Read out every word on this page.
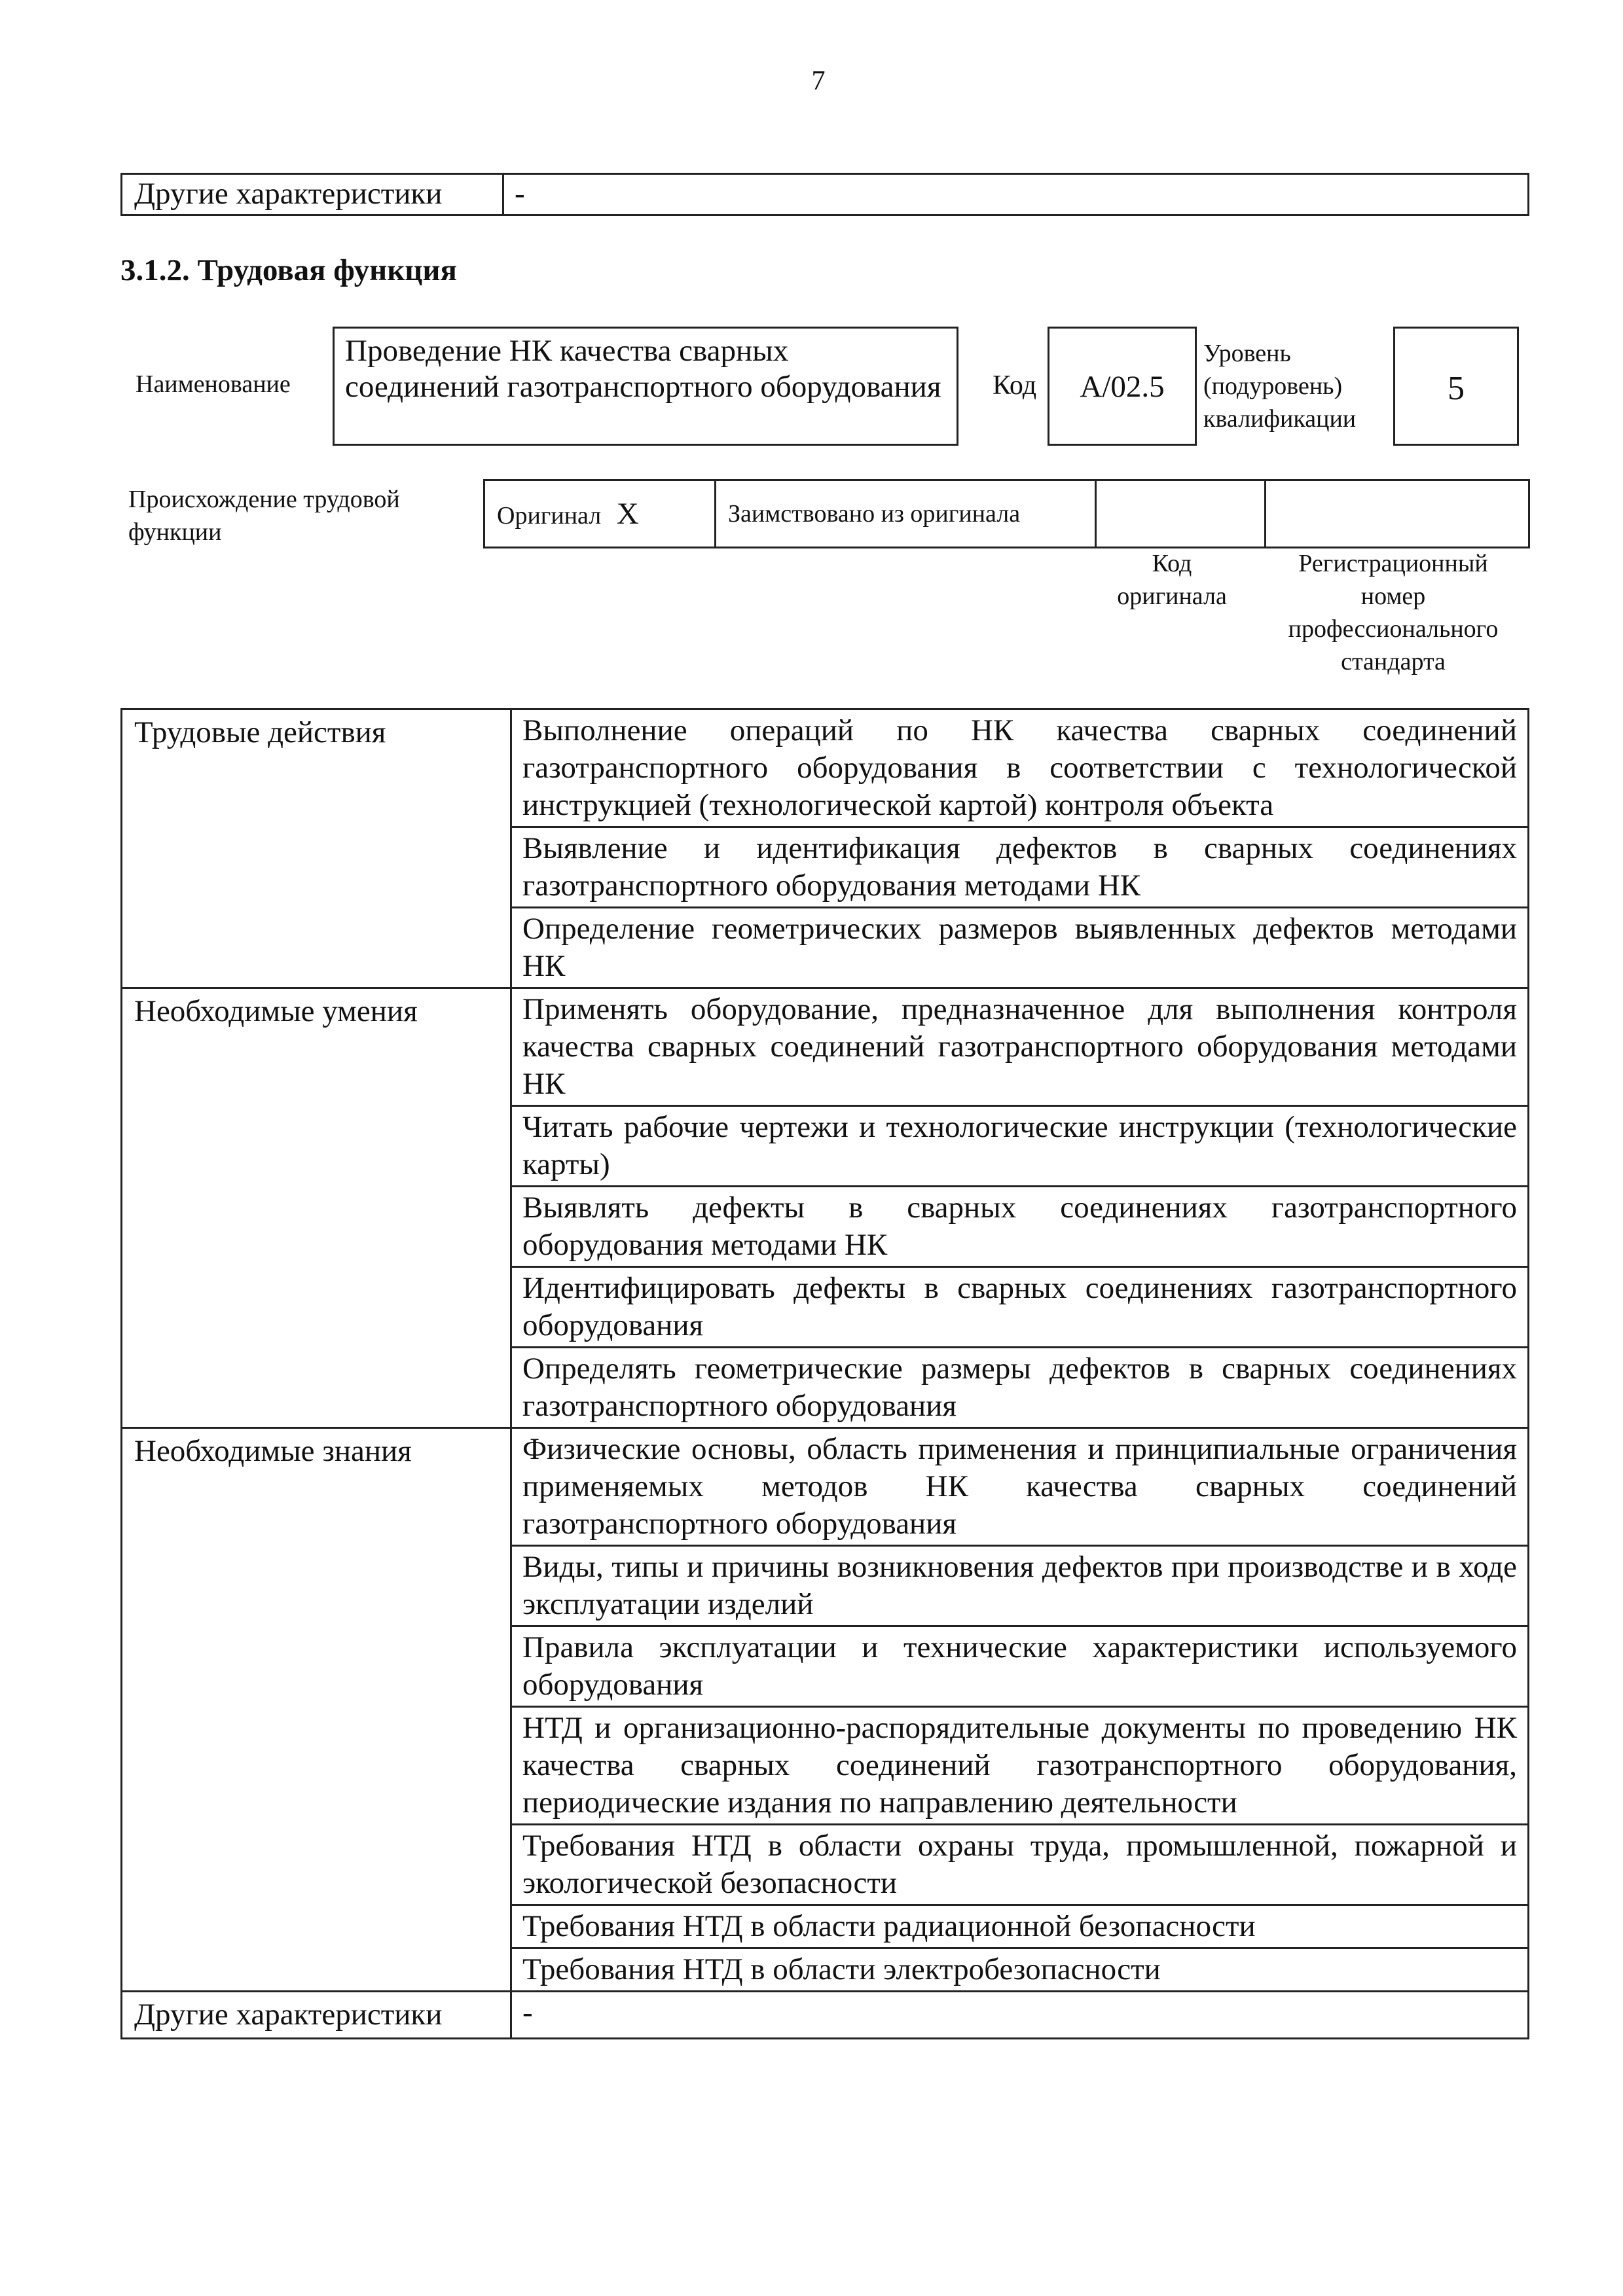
7
Другие характеристики	-
3.1.2. Трудовая функция
Наименование
Проведение НК качества сварных соединений газотранспортного оборудования	Код	А/02.5
Уровень
(подуровень)
квалификации
5
Происхождение трудовой
функции
Оригинал Х	Заимствовано из оригинала		
Код
оригинала
Регистрационный
номер
профессионального
стандарта
Трудовые действия	Выполнение операций по НК качества сварных соединений газотранспортного оборудования в соответствии с технологической инструкцией (технологической картой) контроля объекта
	Выявление и идентификация дефектов в сварных соединениях газотранспортного оборудования методами НК
	Определение геометрических размеров выявленных дефектов методами НК
Необходимые умения	Применять оборудование, предназначенное для выполнения контроля качества сварных соединений газотранспортного оборудования методами НК
	Читать рабочие чертежи и технологические инструкции (технологические карты)
	Выявлять дефекты в сварных соединениях газотранспортного оборудования методами НК
	Идентифицировать дефекты в сварных соединениях газотранспортного оборудования
	Определять геометрические размеры дефектов в сварных соединениях газотранспортного оборудования
Необходимые знания	Физические основы, область применения и принципиальные ограничения применяемых методов НК качества сварных соединений газотранспортного оборудования
	Виды, типы и причины возникновения дефектов при производстве и в ходе эксплуатации изделий
	Правила эксплуатации и технические характеристики используемого оборудования
	НТД и организационно-распорядительные документы по проведению НК качества сварных соединений газотранспортного оборудования, периодические издания по направлению деятельности
	Требования НТД в области охраны труда, промышленной, пожарной и экологической безопасности
	Требования НТД в области радиационной безопасности
	Требования НТД в области электробезопасности
Другие характеристики	-
